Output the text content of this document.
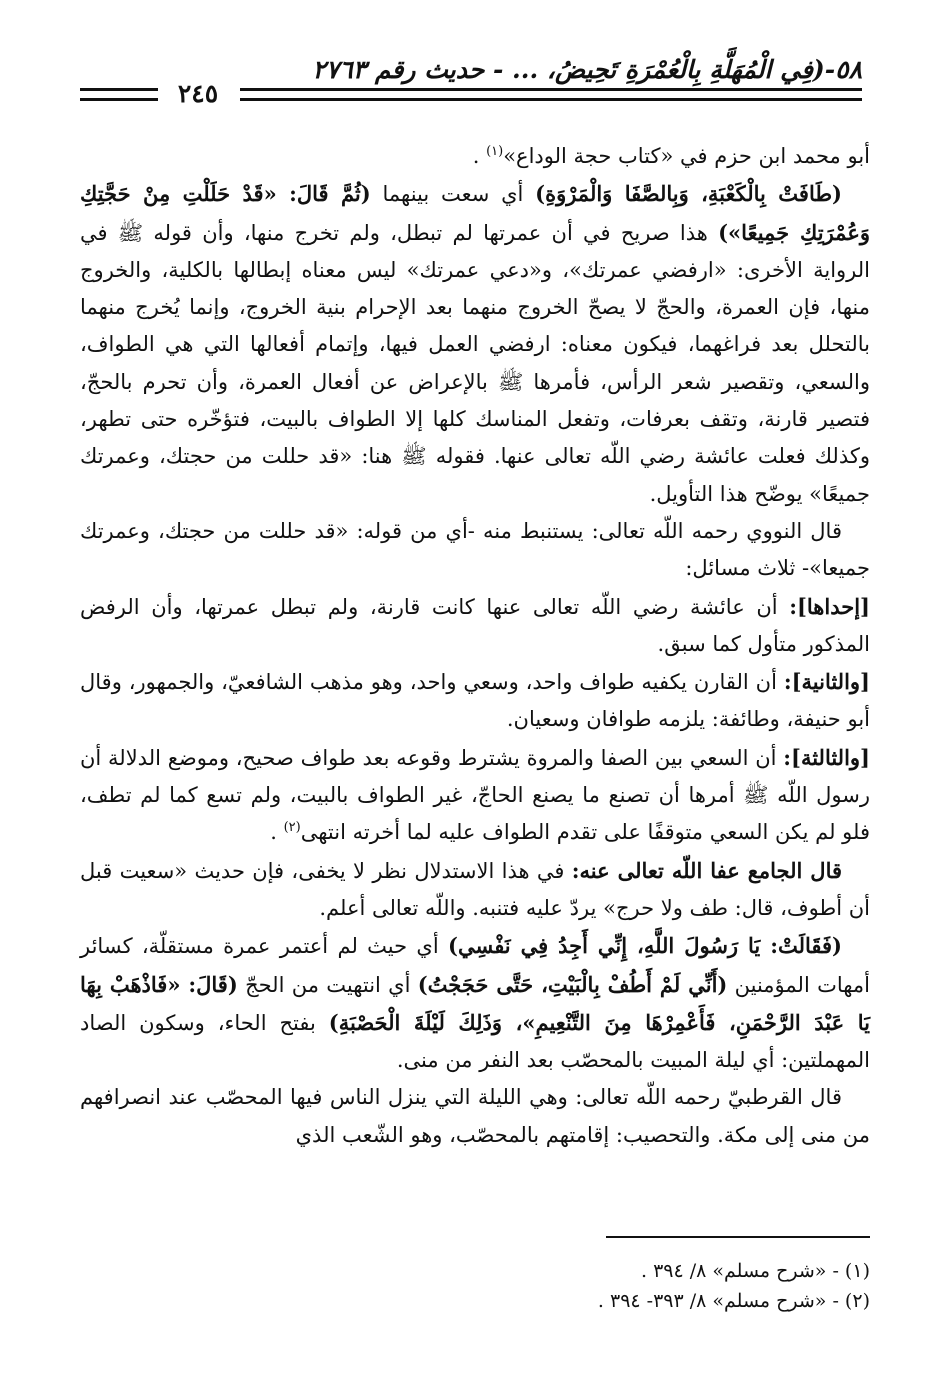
٥٨-(فِي الْمُهَلَّةِ بِالْعُمْرَةِ تَحِيضُ، ... - حديث رقم ٢٧٦٣
٢٤٥

أبو محمد ابن حزم في «كتاب حجة الوداع»$^{(١)}$ .

(طَافَتْ بِالْكَعْبَةِ، وَبِالصَّفَا وَالْمَرْوَةِ) أي سعت بينهما (ثُمَّ قَالَ: «قَدْ حَلَلْتِ مِنْ حَجَّتِكِ وَعُمْرَتِكِ جَمِيعًا») هذا صريح في أن عمرتها لم تبطل، ولم تخرج منها، وأن قوله ﷺ في الرواية الأخرى: «ارفضي عمرتك»، و«دعي عمرتك» ليس معناه إبطالها بالكلية، والخروج منها، فإن العمرة، والحجّ لا يصحّ الخروج منهما بعد الإحرام بنية الخروج، وإنما يُخرج منهما بالتحلل بعد فراغهما، فيكون معناه: ارفضي العمل فيها، وإتمام أفعالها التي هي الطواف، والسعي، وتقصير شعر الرأس، فأمرها ﷺ بالإعراض عن أفعال العمرة، وأن تحرم بالحجّ، فتصير قارنة، وتقف بعرفات، وتفعل المناسك كلها إلا الطواف بالبيت، فتؤخّره حتى تطهر، وكذلك فعلت عائشة رضي اللّه تعالى عنها. فقوله ﷺ هنا: «قد حللت من حجتك، وعمرتك جميعًا» يوضّح هذا التأويل.

قال النووي رحمه اللّه تعالى: يستنبط منه -أي من قوله: «قد حللت من حجتك، وعمرتك جميعا»- ثلاث مسائل:

[إحداها]: أن عائشة رضي اللّه تعالى عنها كانت قارنة، ولم تبطل عمرتها، وأن الرفض المذكور متأول كما سبق.

[والثانية]: أن القارن يكفيه طواف واحد، وسعي واحد، وهو مذهب الشافعيّ، والجمهور، وقال أبو حنيفة، وطائفة: يلزمه طوافان وسعيان.

[والثالثة]: أن السعي بين الصفا والمروة يشترط وقوعه بعد طواف صحيح، وموضع الدلالة أن رسول اللّه ﷺ أمرها أن تصنع ما يصنع الحاجّ، غير الطواف بالبيت، ولم تسع كما لم تطف، فلو لم يكن السعي متوقفًا على تقدم الطواف عليه لما أخرته انتهى$^{(٢)}$ .

قال الجامع عفا اللّه تعالى عنه: في هذا الاستدلال نظر لا يخفى، فإن حديث «سعيت قبل أن أطوف، قال: طف ولا حرج» يردّ عليه فتنبه. واللّه تعالى أعلم.

(فَقَالَتْ: يَا رَسُولَ اللَّهِ، إِنِّي أَجِدُ فِي نَفْسِي) أي حيث لم أعتمر عمرة مستقلّة، كسائر أمهات المؤمنين (أَنِّي لَمْ أَطُفْ بِالْبَيْتِ، حَتَّى حَجَجْتُ) أي انتهيت من الحجّ (قَالَ: «فَاذْهَبْ بِهَا يَا عَبْدَ الرَّحْمَنِ، فَأَعْمِرْهَا مِنَ التَّنْعِيمِ»، وَذَلِكَ لَيْلَةَ الْحَصْبَةِ) بفتح الحاء، وسكون الصاد المهملتين: أي ليلة المبيت بالمحصّب بعد النفر من منى.

قال القرطبيّ رحمه اللّه تعالى: وهي الليلة التي ينزل الناس فيها المحصّب عند انصرافهم من منى إلى مكة. والتحصيب: إقامتهم بالمحصّب، وهو الشّعب الذي

(١) - «شرح مسلم» ٨/ ٣٩٤ .

(٢) - «شرح مسلم» ٨/ ٣٩٣- ٣٩٤ .
